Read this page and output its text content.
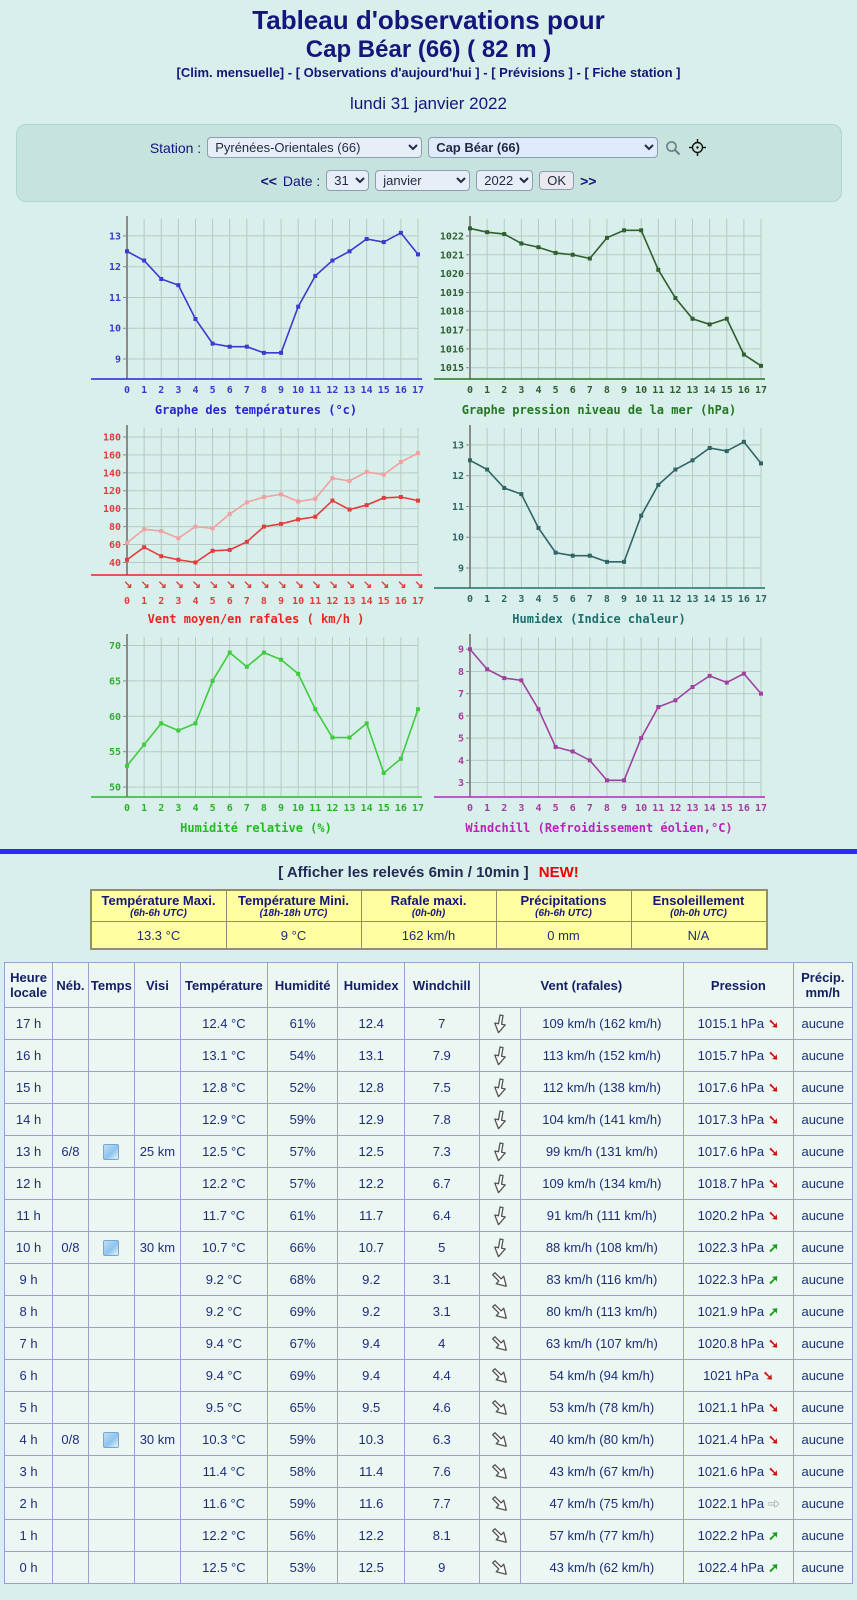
Tableau d'observations pour
Cap Béar (66) ( 82 m )
[Clim. mensuelle] - [ Observations d'aujourd'hui ] - [ Prévisions ] - [ Fiche station ]
lundi 31 janvier 2022
Station :
Pyrénées-Orientales (66)
Cap Béar (66)
<< Date :
31
janvier
2022	OK	>>
9
10
11
12
13
0 1 2 3 4 5 6 7 8 9 10 11 12 13 14 15 16 17
Graphe des températures (°c)
1015
1016
1017
1018
1019
1020
1021
1022
0 1 2 3 4 5 6 7 8 9 10 11 12 13 14 15 16 17
Graphe pression niveau de la mer (hPa)
40
60
80
100
120
140
160
180
↘ ↘ ↘ ↘ ↘ ↘ ↘ ↘ ↘ ↘ ↘ ↘ ↘ ↘ ↘ ↘ ↘ ↘
0 1 2 3 4 5 6 7 8 9 10 11 12 13 14 15 16 17
Vent moyen/en rafales ( km/h )
9
10
11
12
13
0 1 2 3 4 5 6 7 8 9 10 11 12 13 14 15 16 17
Humidex (Indice chaleur)
50
55
60
65
70
0 1 2 3 4 5 6 7 8 9 10 11 12 13 14 15 16 17
Humidité relative (%)
3
4
5
6
7
8
9
0 1 2 3 4 5 6 7 8 9 10 11 12 13 14 15 16 17
Windchill (Refroidissement éolien,°C)
[ Afficher les relevés 6min / 10min ] NEW!
Température Maxi.
(6h-6h UTC)

Température Mini.
(18h-18h UTC)

Rafale maxi.
(0h-0h)

Précipitations
(6h-6h UTC)

Ensoleillement
(0h-0h UTC)

13.3 °C	9 °C	162 km/h	0 mm	N/A
Heure locale	Néb.	Temps	Visi	Température	Humidité	Humidex	Windchill	Vent (rafales)		Pression	Précip. mm/h
17 h				12.4 °C	61%	12.4	7		109 km/h (162 km/h)	1015.1 hPa ➘	aucune
16 h				13.1 °C	54%	13.1	7.9		113 km/h (152 km/h)	1015.7 hPa ➘	aucune
15 h				12.8 °C	52%	12.8	7.5		112 km/h (138 km/h)	1017.6 hPa ➘	aucune
14 h				12.9 °C	59%	12.9	7.8		104 km/h (141 km/h)	1017.3 hPa ➘	aucune
13 h	6/8		25 km	12.5 °C	57%	12.5	7.3		99 km/h (131 km/h)	1017.6 hPa ➘	aucune
12 h				12.2 °C	57%	12.2	6.7		109 km/h (134 km/h)	1018.7 hPa ➘	aucune
11 h				11.7 °C	61%	11.7	6.4		91 km/h (111 km/h)	1020.2 hPa ➘	aucune
10 h	0/8		30 km	10.7 °C	66%	10.7	5		88 km/h (108 km/h)	1022.3 hPa ➚	aucune
9 h				9.2 °C	68%	9.2	3.1		83 km/h (116 km/h)	1022.3 hPa ➚	aucune
8 h				9.2 °C	69%	9.2	3.1		80 km/h (113 km/h)	1021.9 hPa ➚	aucune
7 h				9.4 °C	67%	9.4	4		63 km/h (107 km/h)	1020.8 hPa ➘	aucune
6 h				9.4 °C	69%	9.4	4.4		54 km/h (94 km/h)	1021 hPa ➘	aucune
5 h				9.5 °C	65%	9.5	4.6		53 km/h (78 km/h)	1021.1 hPa ➘	aucune
4 h	0/8		30 km	10.3 °C	59%	10.3	6.3		40 km/h (80 km/h)	1021.4 hPa ➘	aucune
3 h				11.4 °C	58%	11.4	7.6		43 km/h (67 km/h)	1021.6 hPa ➘	aucune
2 h				11.6 °C	59%	11.6	7.7		47 km/h (75 km/h)	1022.1 hPa ➙	aucune
1 h				12.2 °C	56%	12.2	8.1		57 km/h (77 km/h)	1022.2 hPa ➚	aucune
0 h				12.5 °C	53%	12.5	9		43 km/h (62 km/h)	1022.4 hPa ➚	aucune
